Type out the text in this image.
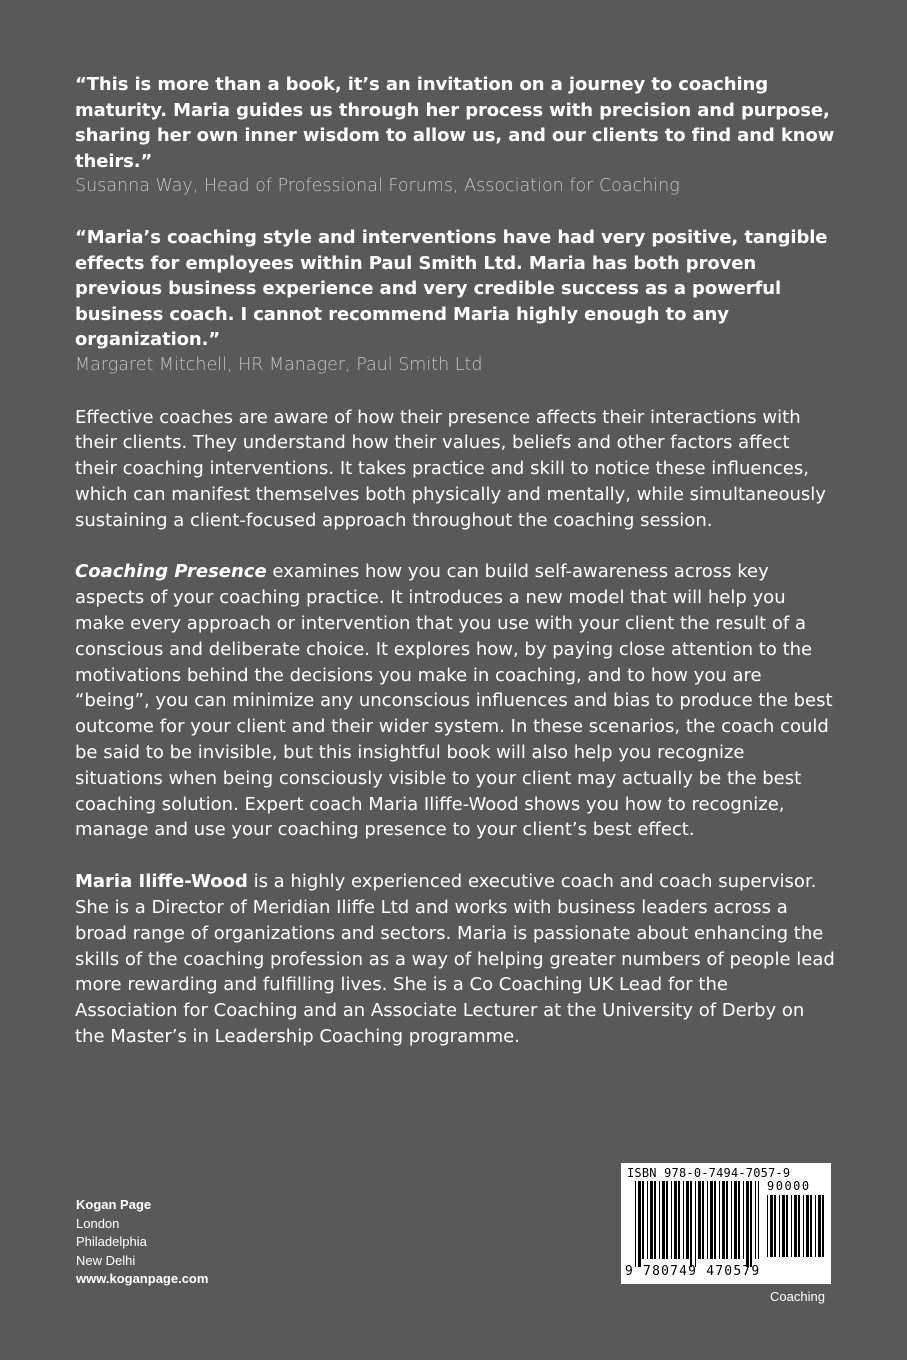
“This is more than a book, it’s an invitation on a journey to coaching maturity. Maria guides us through her process with precision and purpose, sharing her own inner wisdom to allow us, and our clients to find and know theirs.”

Susanna Way, Head of Professional Forums, Association for Coaching

“Maria’s coaching style and interventions have had very positive, tangible effects for employees within Paul Smith Ltd. Maria has both proven previous business experience and very credible success as a powerful business coach. I cannot recommend Maria highly enough to any organization.”

Margaret Mitchell, HR Manager, Paul Smith Ltd

Effective coaches are aware of how their presence affects their interactions with their clients. They understand how their values, beliefs and other factors affect their coaching interventions. It takes practice and skill to notice these influences, which can manifest themselves both physically and mentally, while simultaneously sustaining a client-focused approach throughout the coaching session.

Coaching Presence examines how you can build self-awareness across key aspects of your coaching practice. It introduces a new model that will help you make every approach or intervention that you use with your client the result of a conscious and deliberate choice. It explores how, by paying close attention to the motivations behind the decisions you make in coaching, and to how you are “being”, you can minimize any unconscious influences and bias to produce the best outcome for your client and their wider system. In these scenarios, the coach could be said to be invisible, but this insightful book will also help you recognize situations when being consciously visible to your client may actually be the best coaching solution. Expert coach Maria Iliffe-Wood shows you how to recognize, manage and use your coaching presence to your client’s best effect.

Maria Iliffe-Wood is a highly experienced executive coach and coach supervisor. She is a Director of Meridian Iliffe Ltd and works with business leaders across a broad range of organizations and sectors. Maria is passionate about enhancing the skills of the coaching profession as a way of helping greater numbers of people lead more rewarding and fulfilling lives. She is a Co Coaching UK Lead for the Association for Coaching and an Associate Lecturer at the University of Derby on the Master’s in Leadership Coaching programme.

Kogan Page
London
Philadelphia
New Delhi
www.koganpage.com
ISBN 978-0-7494-7057-9
90000
9 780749 470579
Coaching
